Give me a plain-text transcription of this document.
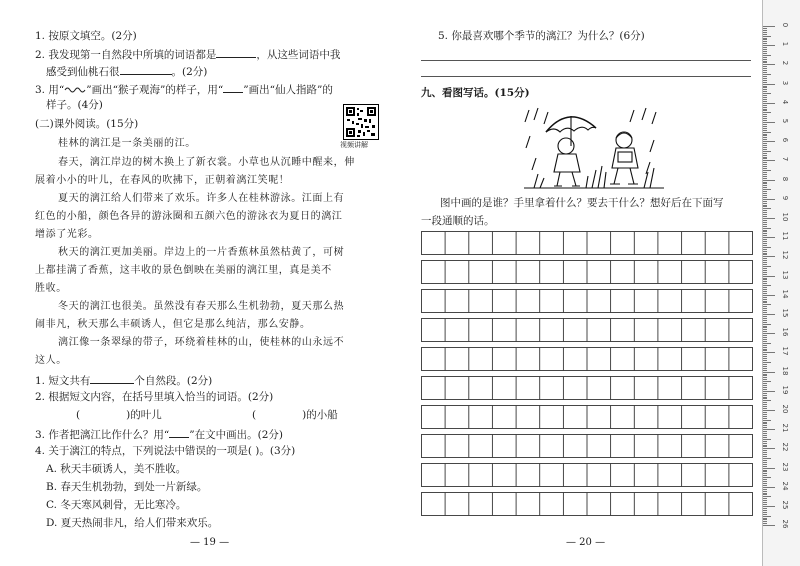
1. 按原文填空。(2分)
2. 我发现第一自然段中所填的词语都是	，从这些词语中我
感受到仙桃石很	。(2分)
3. 用“ ”画出“猴子观海”的样子，用“ ”画出“仙人指路”的
样子。(4分)
(二)课外阅读。(15分)
视频讲解
桂林的漓江是一条美丽的江。
春天，漓江岸边的树木换上了新衣裳。小草也从沉睡中醒来，伸
展着小小的叶儿，在春风的吹拂下，正朝着漓江笑呢！
夏天的漓江给人们带来了欢乐。许多人在桂林游泳。江面上有
红色的小船，颜色各异的游泳圈和五颜六色的游泳衣为夏日的漓江
增添了光彩。
秋天的漓江更加美丽。岸边上的一片香蕉林虽然枯黄了，可树
上都挂满了香蕉，这丰收的景色倒映在美丽的漓江里，真是美不
胜收。
冬天的漓江也很美。虽然没有春天那么生机勃勃，夏天那么热
闹非凡，秋天那么丰硕诱人，但它是那么纯洁，那么安静。
漓江像一条翠绿的带子，环绕着桂林的山，使桂林的山永远不
这人。
1. 短文共有	个自然段。(2分)
2. 根据短文内容，在括号里填入恰当的词语。(2分)
(	)的叶儿	(	)的小船
3. 作者把漓江比作什么？用“ ”在文中画出。(2分)
4. 关于漓江的特点，下列说法中错误的一项是( )。(3分)
A. 秋天丰硕诱人，美不胜收。
B. 春天生机勃勃，到处一片新绿。
C. 冬天寒风刺骨，无比寒冷。
D. 夏天热闹非凡，给人们带来欢乐。
— 19 —
5. 你最喜欢哪个季节的漓江？为什么？(6分)
九、看图写话。(15分)
图中画的是谁？手里拿着什么？要去干什么？想好后在下面写
一段通顺的话。
— 20 —
0
1
2
3
4
5
6
7
8
9
10
11
12
13
14
15
16
17
18
19
20
21
22
23
24
25
26
